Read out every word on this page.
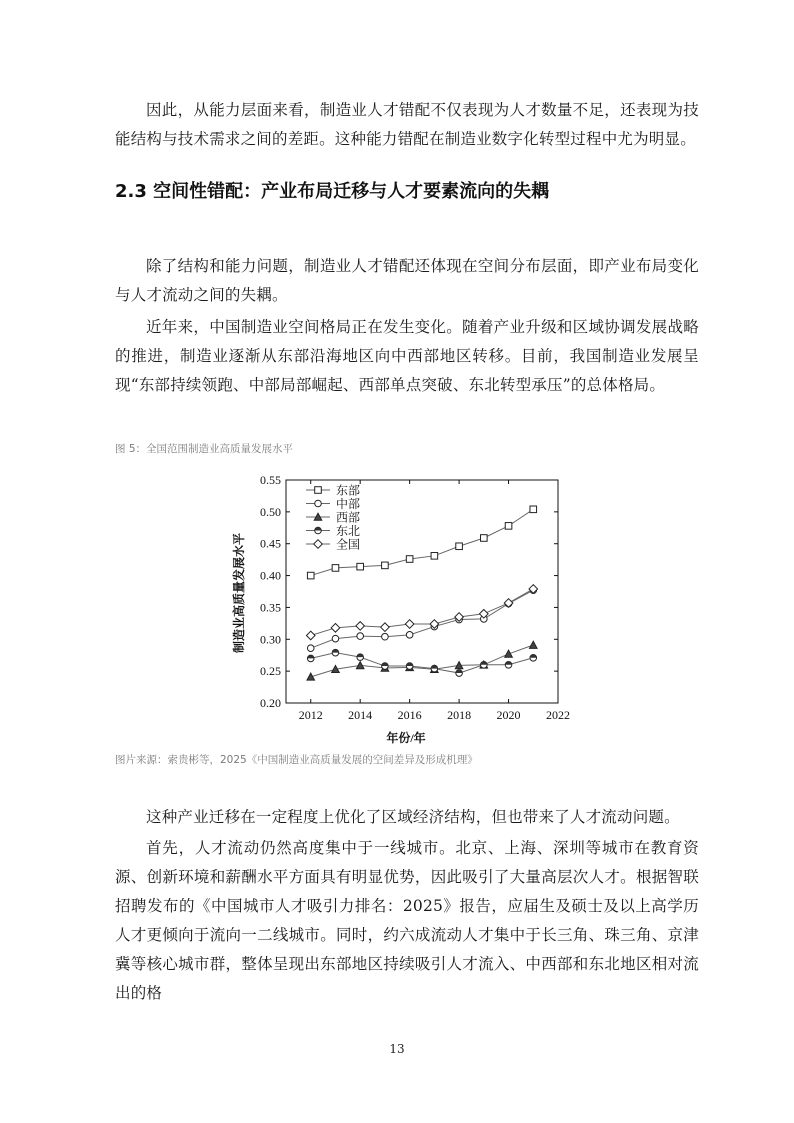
因此，从能力层面来看，制造业人才错配不仅表现为人才数量不足，还表现为技能结构与技术需求之间的差距。这种能力错配在制造业数字化转型过程中尤为明显。

2.3 空间性错配：产业布局迁移与人才要素流向的失耦

除了结构和能力问题，制造业人才错配还体现在空间分布层面，即产业布局变化与人才流动之间的失耦。

近年来，中国制造业空间格局正在发生变化。随着产业升级和区域协调发展战略的推进，制造业逐渐从东部沿海地区向中西部地区转移。目前，我国制造业发展呈现“东部持续领跑、中部局部崛起、西部单点突破、东北转型承压”的总体格局。

图 5：全国范围制造业高质量发展水平

0.20
0.25
0.30
0.35
0.40
0.45
0.50
0.55
2012 2014 2016 2018 2020 2022
东部
中部
西部
东北
全国
年份/年
制造业高质量发展水平

图片来源：索贵彬等，2025《中国制造业高质量发展的空间差异及形成机理》

这种产业迁移在一定程度上优化了区域经济结构，但也带来了人才流动问题。

首先，人才流动仍然高度集中于一线城市。北京、上海、深圳等城市在教育资源、创新环境和薪酬水平方面具有明显优势，因此吸引了大量高层次人才。根据智联招聘发布的《中国城市人才吸引力排名：2025》报告，应届生及硕士及以上高学历人才更倾向于流向一二线城市。同时，约六成流动人才集中于长三角、珠三角、京津冀等核心城市群，整体呈现出东部地区持续吸引人才流入、中西部和东北地区相对流出的格

13
